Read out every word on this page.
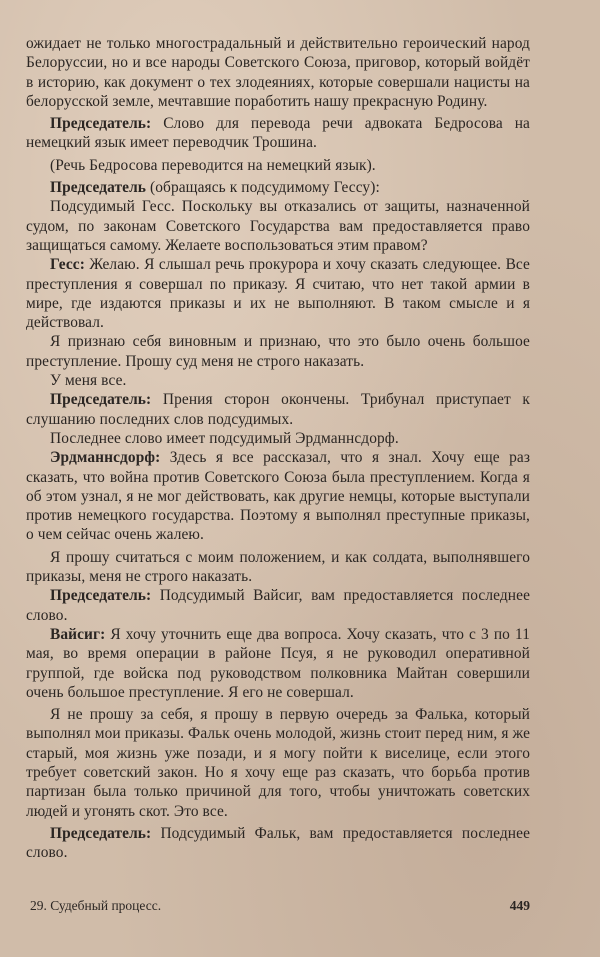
ожидает не только многострадальный и действительно героический народ Белоруссии, но и все народы Советского Союза, приговор, который войдёт в историю, как документ о тех злодеяниях, которые совершали нацисты на белорусской земле, мечтавшие поработить нашу прекрасную Родину.

Председатель: Слово для перевода речи адвоката Бедросова на немецкий язык имеет переводчик Трошина.

(Речь Бедросова переводится на немецкий язык).

Председатель (обращаясь к подсудимому Гессу):

Подсудимый Гесс. Поскольку вы отказались от защиты, назначенной судом, по законам Советского Государства вам предоставляется право защищаться самому. Желаете воспользоваться этим правом?

Гесс: Желаю. Я слышал речь прокурора и хочу сказать следующее. Все преступления я совершал по приказу. Я считаю, что нет такой армии в мире, где издаются приказы и их не выполняют. В таком смысле и я действовал.

Я признаю себя виновным и признаю, что это было очень большое преступление. Прошу суд меня не строго наказать.

У меня все.

Председатель: Прения сторон окончены. Трибунал приступает к слушанию последних слов подсудимых.

Последнее слово имеет подсудимый Эрдманнсдорф.

Эрдманнсдорф: Здесь я все рассказал, что я знал. Хочу еще раз сказать, что война против Советского Союза была преступлением. Когда я об этом узнал, я не мог действовать, как другие немцы, которые выступали против немецкого государства. Поэтому я выполнял преступные приказы, о чем сейчас очень жалею.

Я прошу считаться с моим положением, и как солдата, выполнявшего приказы, меня не строго наказать.

Председатель: Подсудимый Вайсиг, вам предоставляется последнее слово.

Вайсиг: Я хочу уточнить еще два вопроса. Хочу сказать, что с 3 по 11 мая, во время операции в районе Псуя, я не руководил оперативной группой, где войска под руководством полковника Майтан совершили очень большое преступление. Я его не совершал.

Я не прошу за себя, я прошу в первую очередь за Фалька, который выполнял мои приказы. Фальк очень молодой, жизнь стоит перед ним, я же старый, моя жизнь уже позади, и я могу пойти к виселице, если этого требует советский закон. Но я хочу еще раз сказать, что борьба против партизан была только причиной для того, чтобы уничтожать советских людей и угонять скот. Это все.

Председатель: Подсудимый Фальк, вам предоставляется последнее слово.

29. Судебный процесс.	449
